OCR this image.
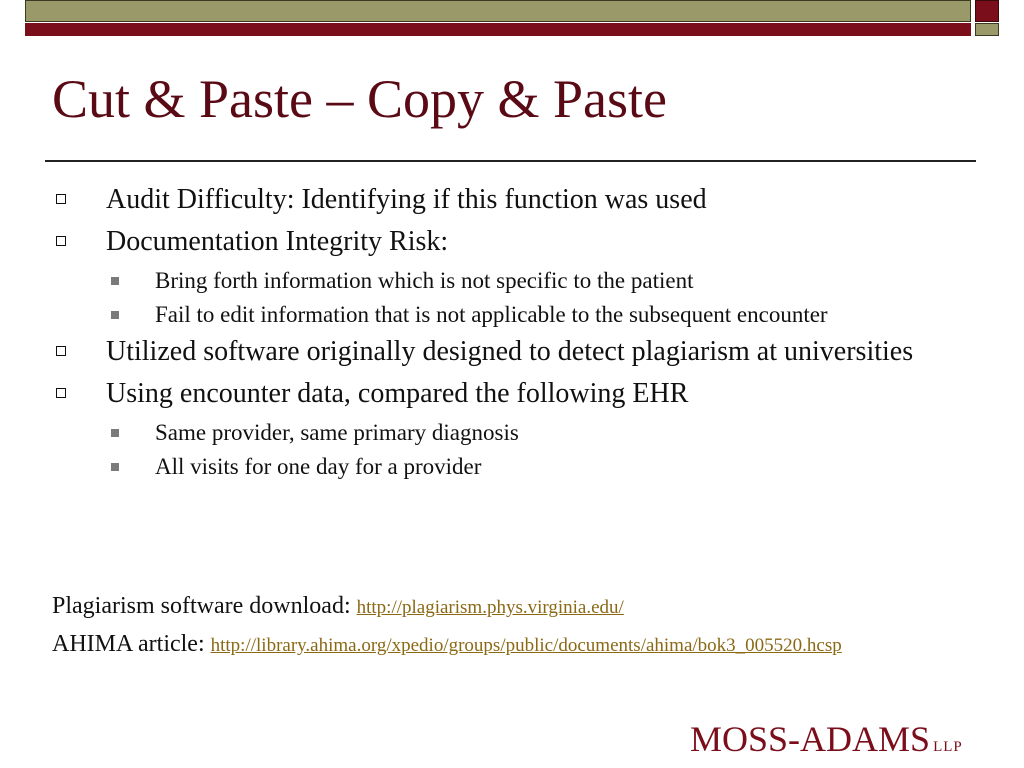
Cut & Paste – Copy & Paste
Audit Difficulty: Identifying if this function was used
Documentation Integrity Risk:
Bring forth information which is not specific to the patient
Fail to edit information that is not applicable to the subsequent encounter
Utilized software originally designed to detect plagiarism at universities
Using encounter data, compared the following EHR
Same provider, same primary diagnosis
All visits for one day for a provider
Plagiarism software download: http://plagiarism.phys.virginia.edu/
AHIMA article: http://library.ahima.org/xpedio/groups/public/documents/ahima/bok3_005520.hcsp
MOSS-ADAMS LLP
